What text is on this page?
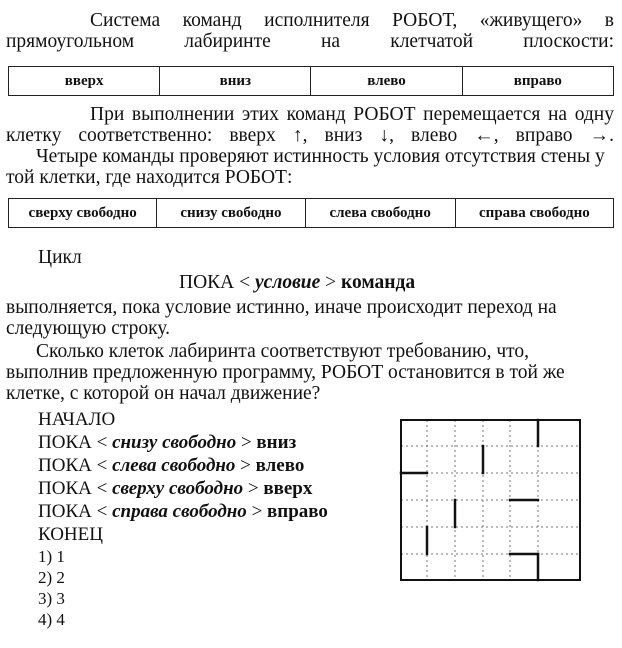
Система команд исполнителя РОБОТ, «живущего» в прямоугольном лабиринте на клетчатой плоскости:

вверх	вниз	влево	вправо

При выполнении этих команд РОБОТ перемещается на одну клетку соответственно: вверх ↑, вниз ↓, влево ←, вправо →.

Четыре команды проверяют истинность условия отсутствия стены у той клетки, где находится РОБОТ:

сверху свободно	снизу свободно	слева свободно	справа свободно
Цикл
ПОКА < условие > команда

выполняется, пока условие истинно, иначе происходит переход на следующую строку.

Сколько клеток лабиринта соответствуют требованию, что, выполнив предложенную программу, РОБОТ остановится в той же клетке, с которой он начал движение?

НАЧАЛО
ПОКА < снизу свободно > вниз
ПОКА < слева свободно > влево
ПОКА < сверху свободно > вверх
ПОКА < справа свободно > вправо
КОНЕЦ
1) 1
2) 2
3) 3
4) 4
